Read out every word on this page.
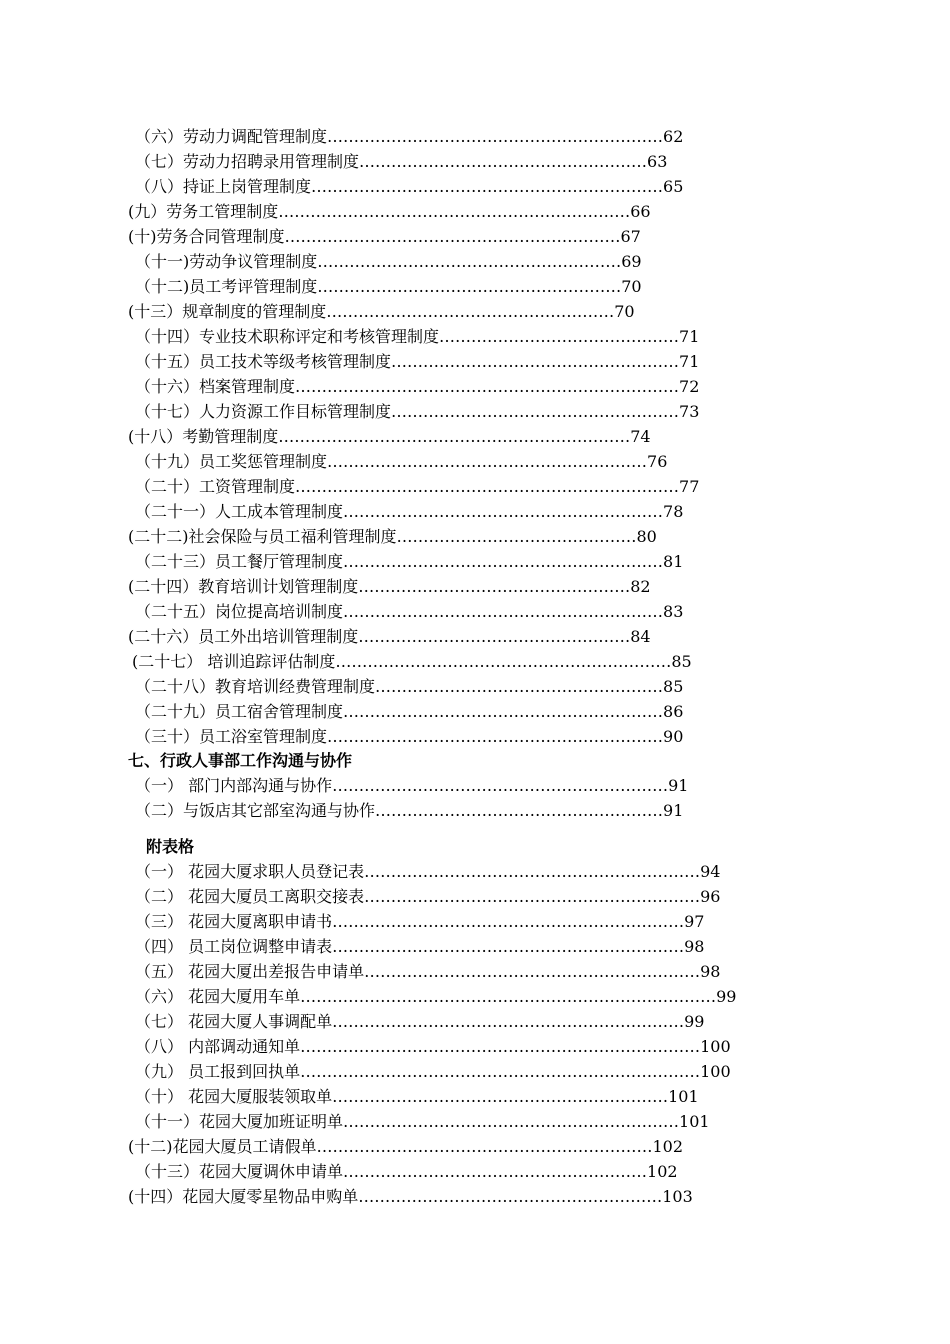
（六）劳动力调配管理制度………………………………………………………62
（七）劳动力招聘录用管理制度………………………………………………63
（八）持证上岗管理制度…………………………………………………………65
(九）劳务工管理制度…………………………………………………………66
(十)劳务合同管理制度………………………………………………………67
（十一)劳动争议管理制度…………………………………………………69
（十二)员工考评管理制度…………………………………………………70
(十三）规章制度的管理制度………………………………………………70
（十四）专业技术职称评定和考核管理制度………………………………………71
（十五）员工技术等级考核管理制度………………………………………………71
（十六）档案管理制度………………………………………………………………72
（十七）人力资源工作目标管理制度………………………………………………73
(十八）考勤管理制度…………………………………………………………74
（十九）员工奖惩管理制度……………………………………………………76
（二十）工资管理制度………………………………………………………………77
（二十一）人工成本管理制度……………………………………………………78
(二十二)社会保险与员工福利管理制度………………………………………80
（二十三）员工餐厅管理制度……………………………………………………81
(二十四）教育培训计划管理制度……………………………………………82
（二十五）岗位提高培训制度……………………………………………………83
(二十六）员工外出培训管理制度……………………………………………84
(二十七） 培训追踪评估制度………………………………………………………85
（二十八）教育培训经费管理制度………………………………………………85
（二十九）员工宿舍管理制度……………………………………………………86
（三十）员工浴室管理制度………………………………………………………90
七、行政人事部工作沟通与协作
（一） 部门内部沟通与协作………………………………………………………91
（二）与饭店其它部室沟通与协作………………………………………………91
附表格
（一） 花园大厦求职人员登记表………………………………………………………94
（二） 花园大厦员工离职交接表………………………………………………………96
（三） 花园大厦离职申请书…………………………………………………………97
（四） 员工岗位调整申请表…………………………………………………………98
（五） 花园大厦出差报告申请单………………………………………………………98
（六） 花园大厦用车单……………………………………………………………………99
（七） 花园大厦人事调配单…………………………………………………………99
（八） 内部调动通知单…………………………………………………………………100
（九） 员工报到回执单…………………………………………………………………100
（十） 花园大厦服装领取单………………………………………………………101
（十一）花园大厦加班证明单………………………………………………………101
(十二)花园大厦员工请假单………………………………………………………102
（十三）花园大厦调休申请单…………………………………………………102
(十四）花园大厦零星物品申购单…………………………………………………103
